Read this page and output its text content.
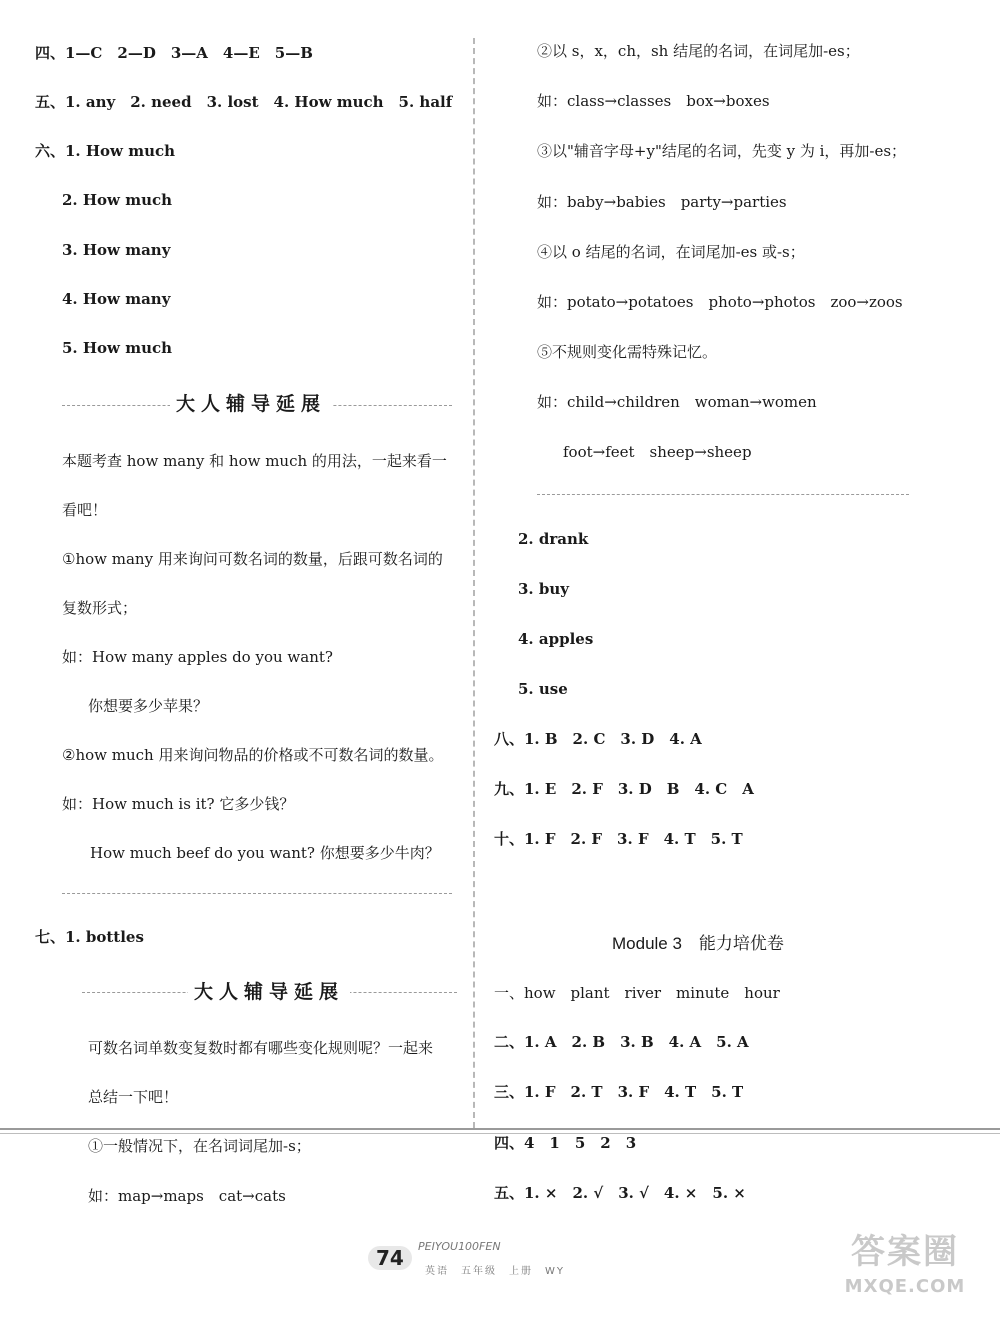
四、1—C　2—D　3—A　4—E　5—B
五、1. any　2. need　3. lost　4. How much　5. half
六、1. How much
2. How much
3. How many
4. How many
5. How much
大人辅导延展
本题考查 how many 和 how much 的用法，一起来看一
看吧！
①how many 用来询问可数名词的数量，后跟可数名词的
复数形式；
如：How many apples do you want?
你想要多少苹果？
②how much 用来询问物品的价格或不可数名词的数量。
如：How much is it? 它多少钱？
How much beef do you want? 你想要多少牛肉？
七、1. bottles
大人辅导延展
可数名词单数变复数时都有哪些变化规则呢？一起来
总结一下吧！
①一般情况下，在名词词尾加-s；
如：map→maps　cat→cats
②以 s，x，ch，sh 结尾的名词，在词尾加-es；
如：class→classes　box→boxes
③以"辅音字母+y"结尾的名词，先变 y 为 i，再加-es；
如：baby→babies　party→parties
④以 o 结尾的名词，在词尾加-es 或-s；
如：potato→potatoes　photo→photos　zoo→zoos
⑤不规则变化需特殊记忆。
如：child→children　woman→women
foot→feet　sheep→sheep
2. drank
3. buy
4. apples
5. use
八、1. B　2. C　3. D　4. A
九、1. E　2. F　3. D　B　4. C　A
十、1. F　2. F　3. F　4. T　5. T
Module 3　能力培优卷
一、how　plant　river　minute　hour
二、1. A　2. B　3. B　4. A　5. A
三、1. F　2. T　3. F　4. T　5. T
四、4　1　5　2　3
五、1. ×　2. √　3. √　4. ×　5. ×
74	PEIYOU100FEN
英语　五年级　上册　WY	答案圈
MXQE.COM
